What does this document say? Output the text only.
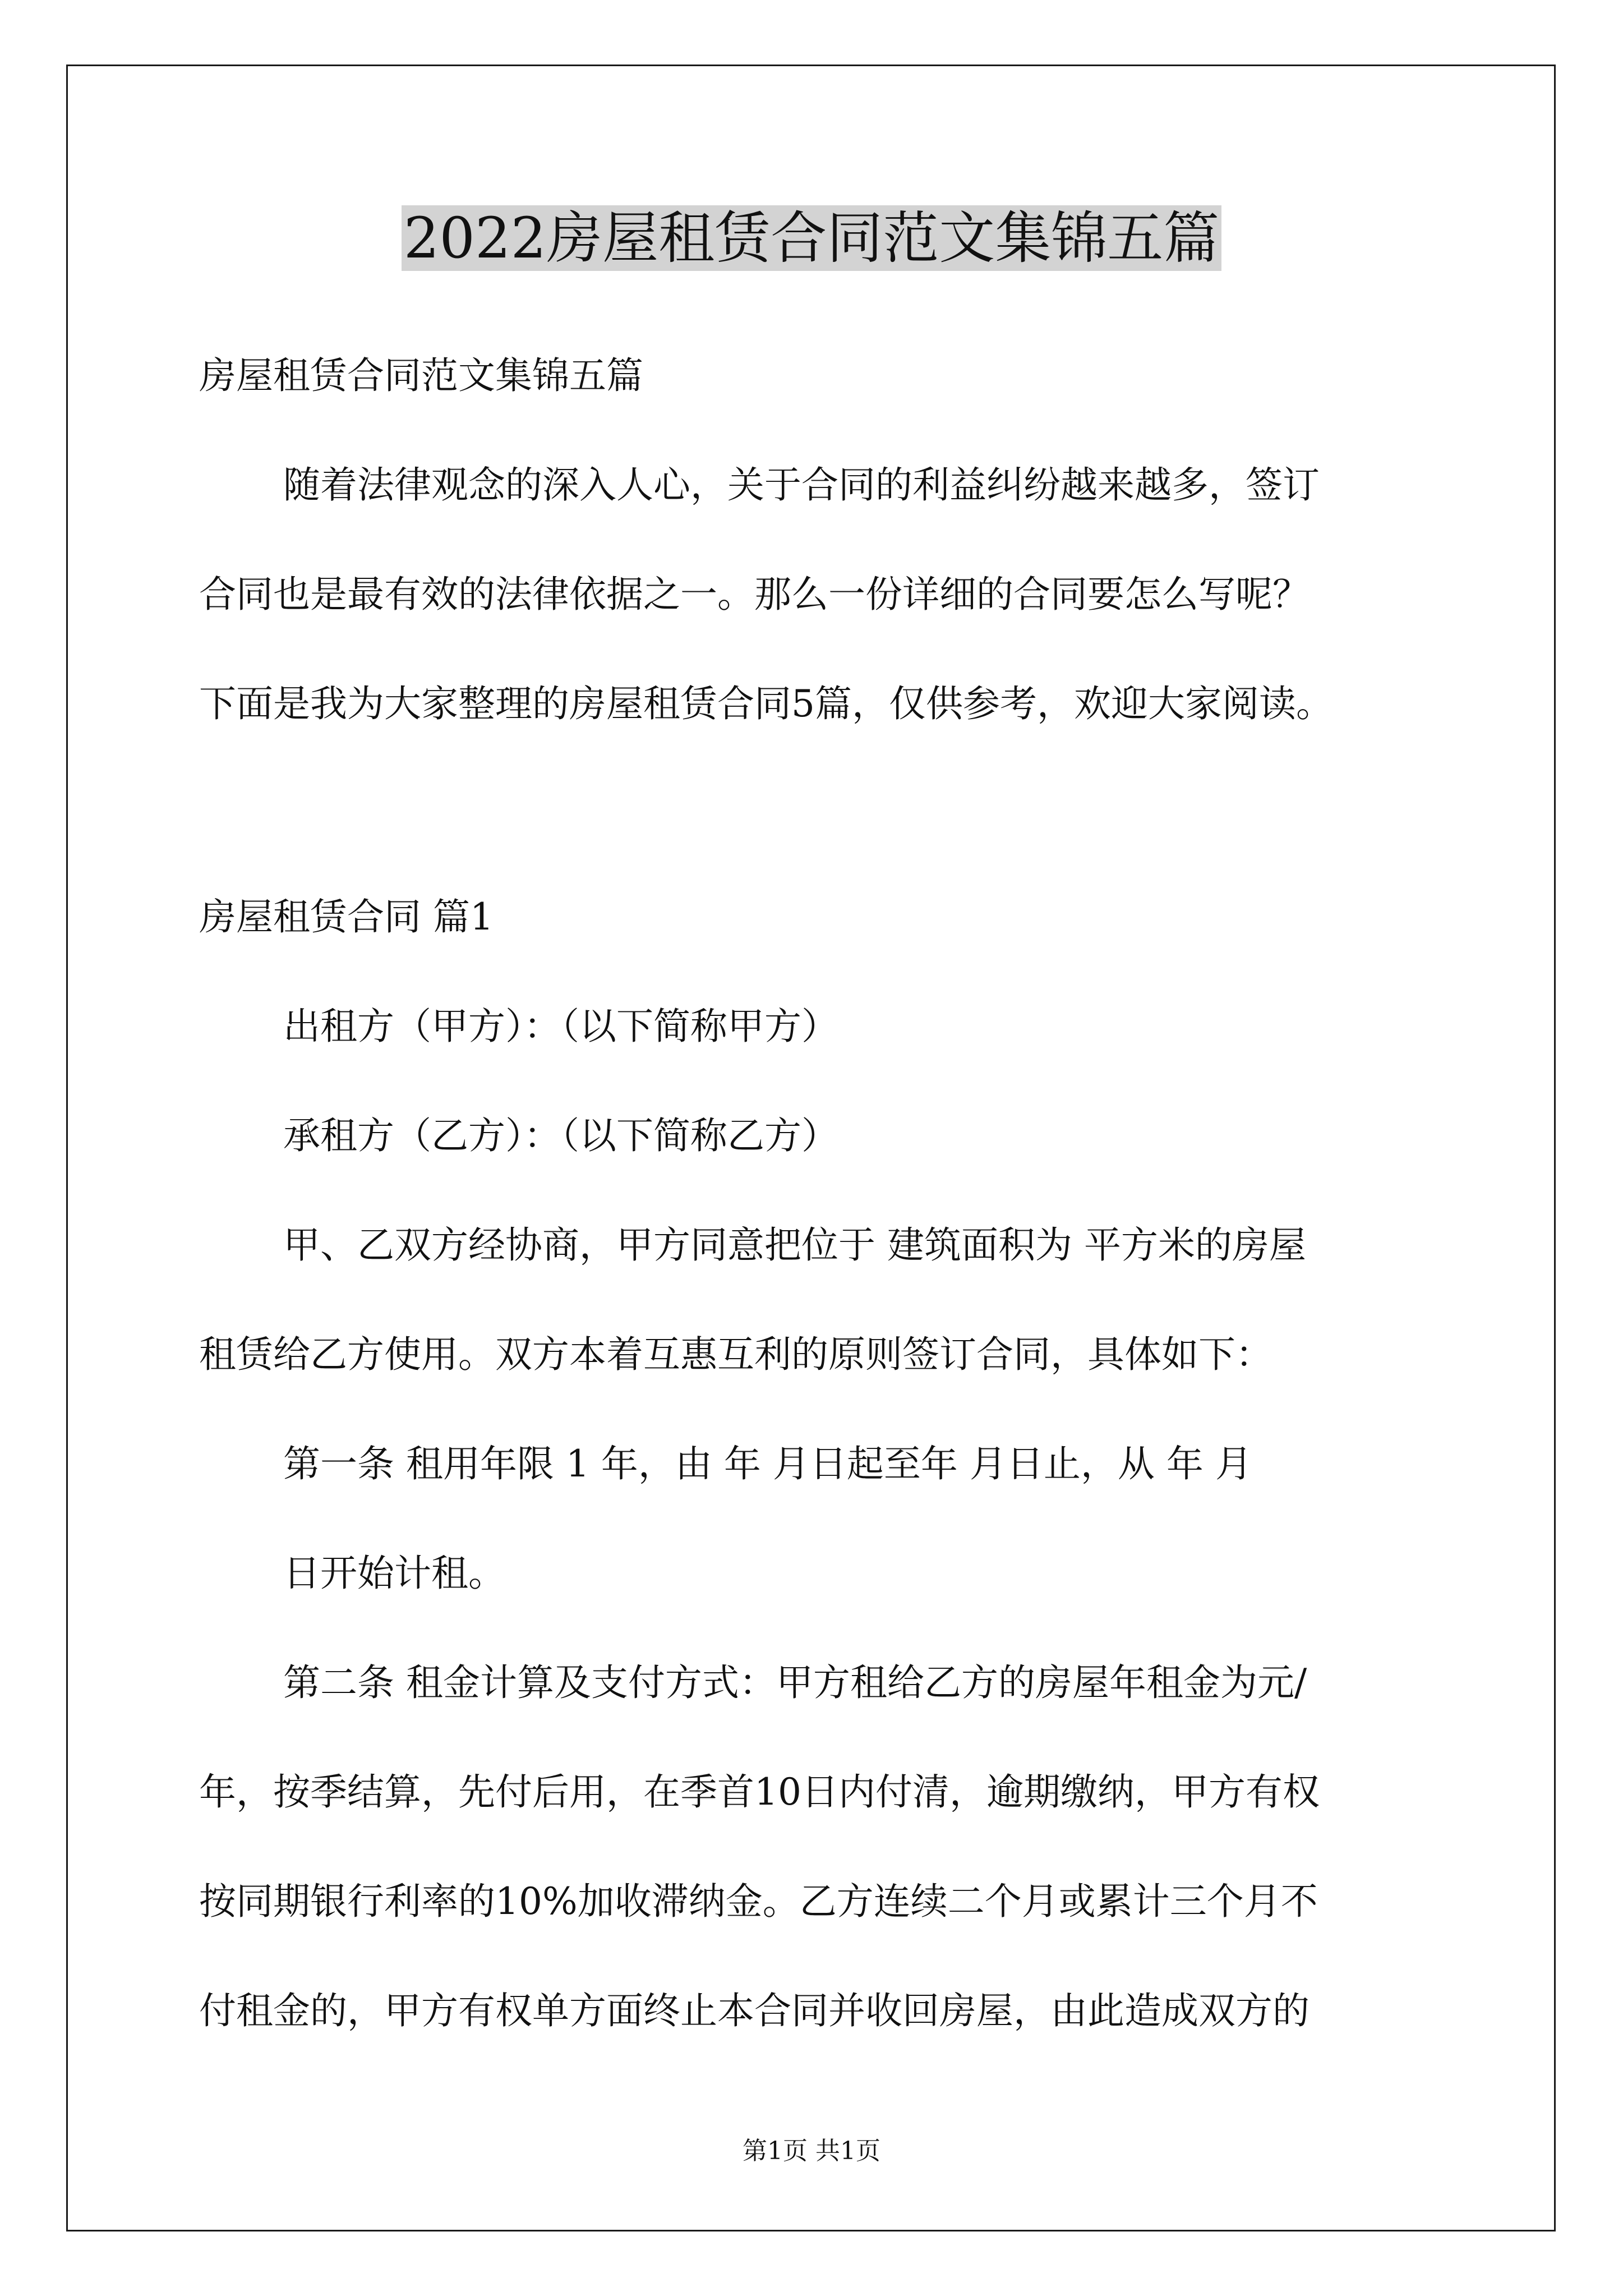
2022房屋租赁合同范文集锦五篇
房屋租赁合同范文集锦五篇
随着法律观念的深入人心，关于合同的利益纠纷越来越多，签订
合同也是最有效的法律依据之一。那么一份详细的合同要怎么写呢？
下面是我为大家整理的房屋租赁合同5篇，仅供参考，欢迎大家阅读。
房屋租赁合同 篇1
出租方（甲方）：（以下简称甲方）
承租方（乙方）：（以下简称乙方）
甲、乙双方经协商，甲方同意把位于 建筑面积为 平方米的房屋
租赁给乙方使用。双方本着互惠互利的原则签订合同，具体如下：
第一条 租用年限 1 年，由 年 月日起至年 月日止，从 年 月
日开始计租。
第二条 租金计算及支付方式：甲方租给乙方的房屋年租金为元/
年，按季结算，先付后用，在季首10日内付清，逾期缴纳，甲方有权
按同期银行利率的10%加收滞纳金。乙方连续二个月或累计三个月不
付租金的，甲方有权单方面终止本合同并收回房屋，由此造成双方的
第1页 共1页
